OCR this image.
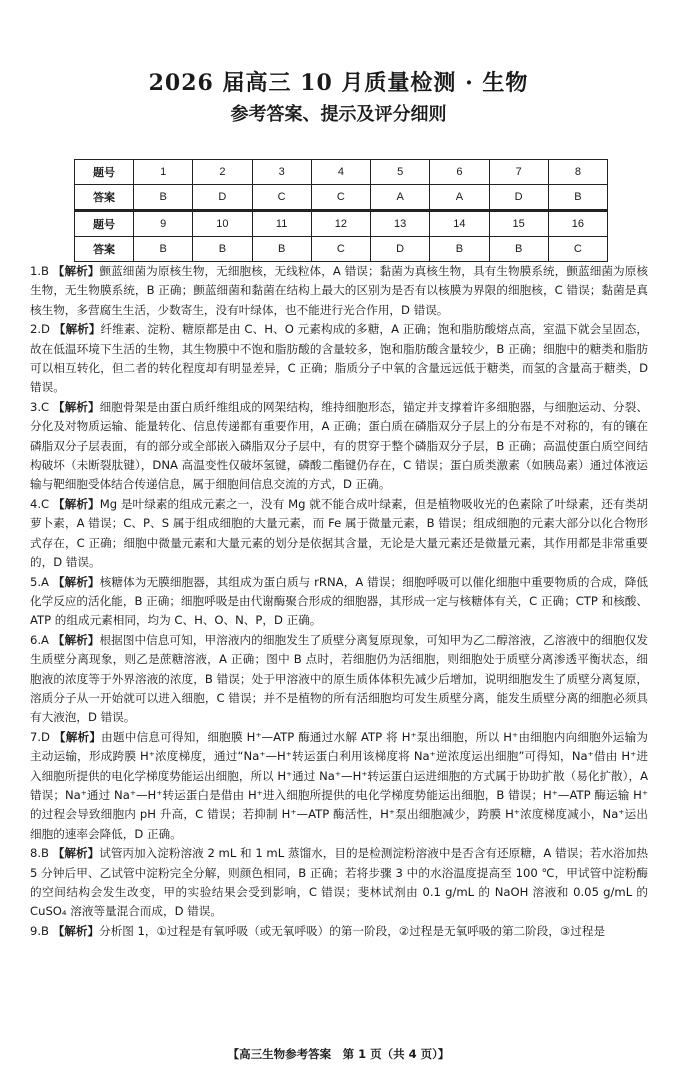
2026 届高三 10 月质量检测 · 生物
参考答案、提示及评分细则
题号	1	2	3	4	5	6	7	8
答案	B	D	C	C	A	A	D	B
题号	9	10	11	12	13	14	15	16
答案	B	B	B	C	D	B	B	C

1.B 【解析】颤蓝细菌为原核生物，无细胞核，无线粒体，A 错误；黏菌为真核生物，具有生物膜系统，颤蓝细菌为原核生物，无生物膜系统，B 正确；颤蓝细菌和黏菌在结构上最大的区别为是否有以核膜为界限的细胞核，C 错误；黏菌是真核生物，多营腐生生活，少数寄生，没有叶绿体，也不能进行光合作用，D 错误。

2.D 【解析】纤维素、淀粉、糖原都是由 C、H、O 元素构成的多糖，A 正确；饱和脂肪酸熔点高，室温下就会呈固态，故在低温环境下生活的生物，其生物膜中不饱和脂肪酸的含量较多，饱和脂肪酸含量较少，B 正确；细胞中的糖类和脂肪可以相互转化，但二者的转化程度却有明显差异，C 正确；脂质分子中氧的含量远远低于糖类，而氢的含量高于糖类，D 错误。

3.C 【解析】细胞骨架是由蛋白质纤维组成的网架结构，维持细胞形态，锚定并支撑着许多细胞器，与细胞运动、分裂、分化及对物质运输、能量转化、信息传递都有重要作用，A 正确；蛋白质在磷脂双分子层上的分布是不对称的，有的镶在磷脂双分子层表面，有的部分或全部嵌入磷脂双分子层中，有的贯穿于整个磷脂双分子层，B 正确；高温使蛋白质空间结构破坏（未断裂肽键），DNA 高温变性仅破坏氢键，磷酸二酯键仍存在，C 错误；蛋白质类激素（如胰岛素）通过体液运输与靶细胞受体结合传递信息，属于细胞间信息交流的方式，D 正确。

4.C 【解析】Mg 是叶绿素的组成元素之一，没有 Mg 就不能合成叶绿素，但是植物吸收光的色素除了叶绿素，还有类胡萝卜素，A 错误；C、P、S 属于组成细胞的大量元素，而 Fe 属于微量元素，B 错误；组成细胞的元素大部分以化合物形式存在，C 正确；细胞中微量元素和大量元素的划分是依据其含量，无论是大量元素还是微量元素，其作用都是非常重要的，D 错误。

5.A 【解析】核糖体为无膜细胞器，其组成为蛋白质与 rRNA，A 错误；细胞呼吸可以催化细胞中重要物质的合成，降低化学反应的活化能，B 正确；细胞呼吸是由代谢酶聚合形成的细胞器，其形成一定与核糖体有关，C 正确；CTP 和核酸、ATP 的组成元素相同，均为 C、H、O、N、P，D 正确。

6.A 【解析】根据图中信息可知，甲溶液内的细胞发生了质壁分离复原现象，可知甲为乙二醇溶液，乙溶液中的细胞仅发生质壁分离现象，则乙是蔗糖溶液，A 正确；图中 B 点时，若细胞仍为活细胞，则细胞处于质壁分离渗透平衡状态，细胞液的浓度等于外界溶液的浓度，B 错误；处于甲溶液中的原生质体体积先减少后增加，说明细胞发生了质壁分离复原，溶质分子从一开始就可以进入细胞，C 错误；并不是植物的所有活细胞均可发生质壁分离，能发生质壁分离的细胞必须具有大液泡，D 错误。

7.D 【解析】由题中信息可得知，细胞膜 H⁺—ATP 酶通过水解 ATP 将 H⁺泵出细胞，所以 H⁺由细胞内向细胞外运输为主动运输，形成跨膜 H⁺浓度梯度，通过“Na⁺—H⁺转运蛋白利用该梯度将 Na⁺逆浓度运出细胞”可得知，Na⁺借由 H⁺进入细胞所提供的电化学梯度势能运出细胞，所以 H⁺通过 Na⁺—H⁺转运蛋白运进细胞的方式属于协助扩散（易化扩散），A 错误；Na⁺通过 Na⁺—H⁺转运蛋白是借由 H⁺进入细胞所提供的电化学梯度势能运出细胞，B 错误；H⁺—ATP 酶运输 H⁺的过程会导致细胞内 pH 升高，C 错误；若抑制 H⁺—ATP 酶活性，H⁺泵出细胞减少，跨膜 H⁺浓度梯度减小，Na⁺运出细胞的速率会降低，D 正确。

8.B 【解析】试管丙加入淀粉溶液 2 mL 和 1 mL 蒸馏水，目的是检测淀粉溶液中是否含有还原糖，A 错误；若水浴加热 5 分钟后甲、乙试管中淀粉完全分解，则颜色相同，B 正确；若将步骤 3 中的水浴温度提高至 100 ℃，甲试管中淀粉酶的空间结构会发生改变，甲的实验结果会受到影响，C 错误；斐林试剂由 0.1 g/mL 的 NaOH 溶液和 0.05 g/mL 的 CuSO₄ 溶液等量混合而成，D 错误。

9.B 【解析】分析图 1，①过程是有氧呼吸（或无氧呼吸）的第一阶段，②过程是无氧呼吸的第二阶段，③过程是

【高三生物参考答案　第 1 页（共 4 页）】
